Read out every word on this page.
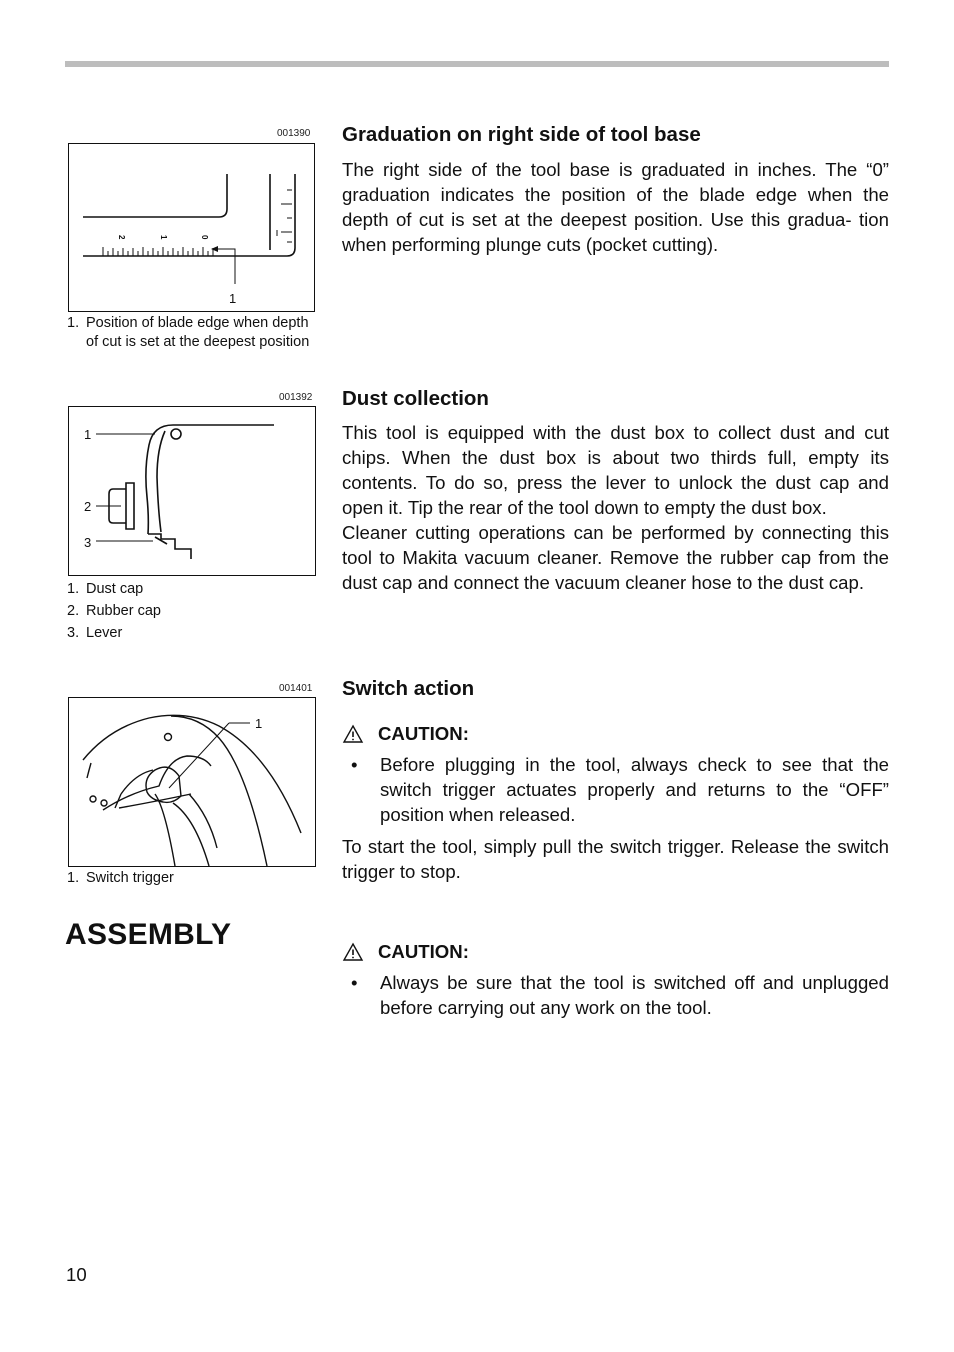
001390
2	1	0
1
1. Position of blade edge when depth
of cut is set at the deepest position
001392
1
2
3
1. Dust cap
2. Rubber cap
3. Lever
001401
1
1. Switch trigger
Graduation on right side of tool base

The right side of the tool base is graduated in inches. The “0” graduation indicates the position of the blade edge when the depth of cut is set at the deepest position. Use this gradua- tion when performing plunge cuts (pocket cutting).

Dust collection

This tool is equipped with the dust box to collect dust and cut chips. When the dust box is about two thirds full, empty its contents. To do so, press the lever to unlock the dust cap and open it. Tip the rear of the tool down to empty the dust box.

Cleaner cutting operations can be performed by connecting this tool to Makita vacuum cleaner. Remove the rubber cap from the dust cap and connect the vacuum cleaner hose to the dust cap.

Switch action
CAUTION:
•	Before plugging in the tool, always check to see that the switch trigger actuates properly and returns to the “OFF” position when released.

To start the tool, simply pull the switch trigger. Release the switch trigger to stop.

ASSEMBLY
CAUTION:
•	Always be sure that the tool is switched off and unplugged before carrying out any work on the tool.
10
